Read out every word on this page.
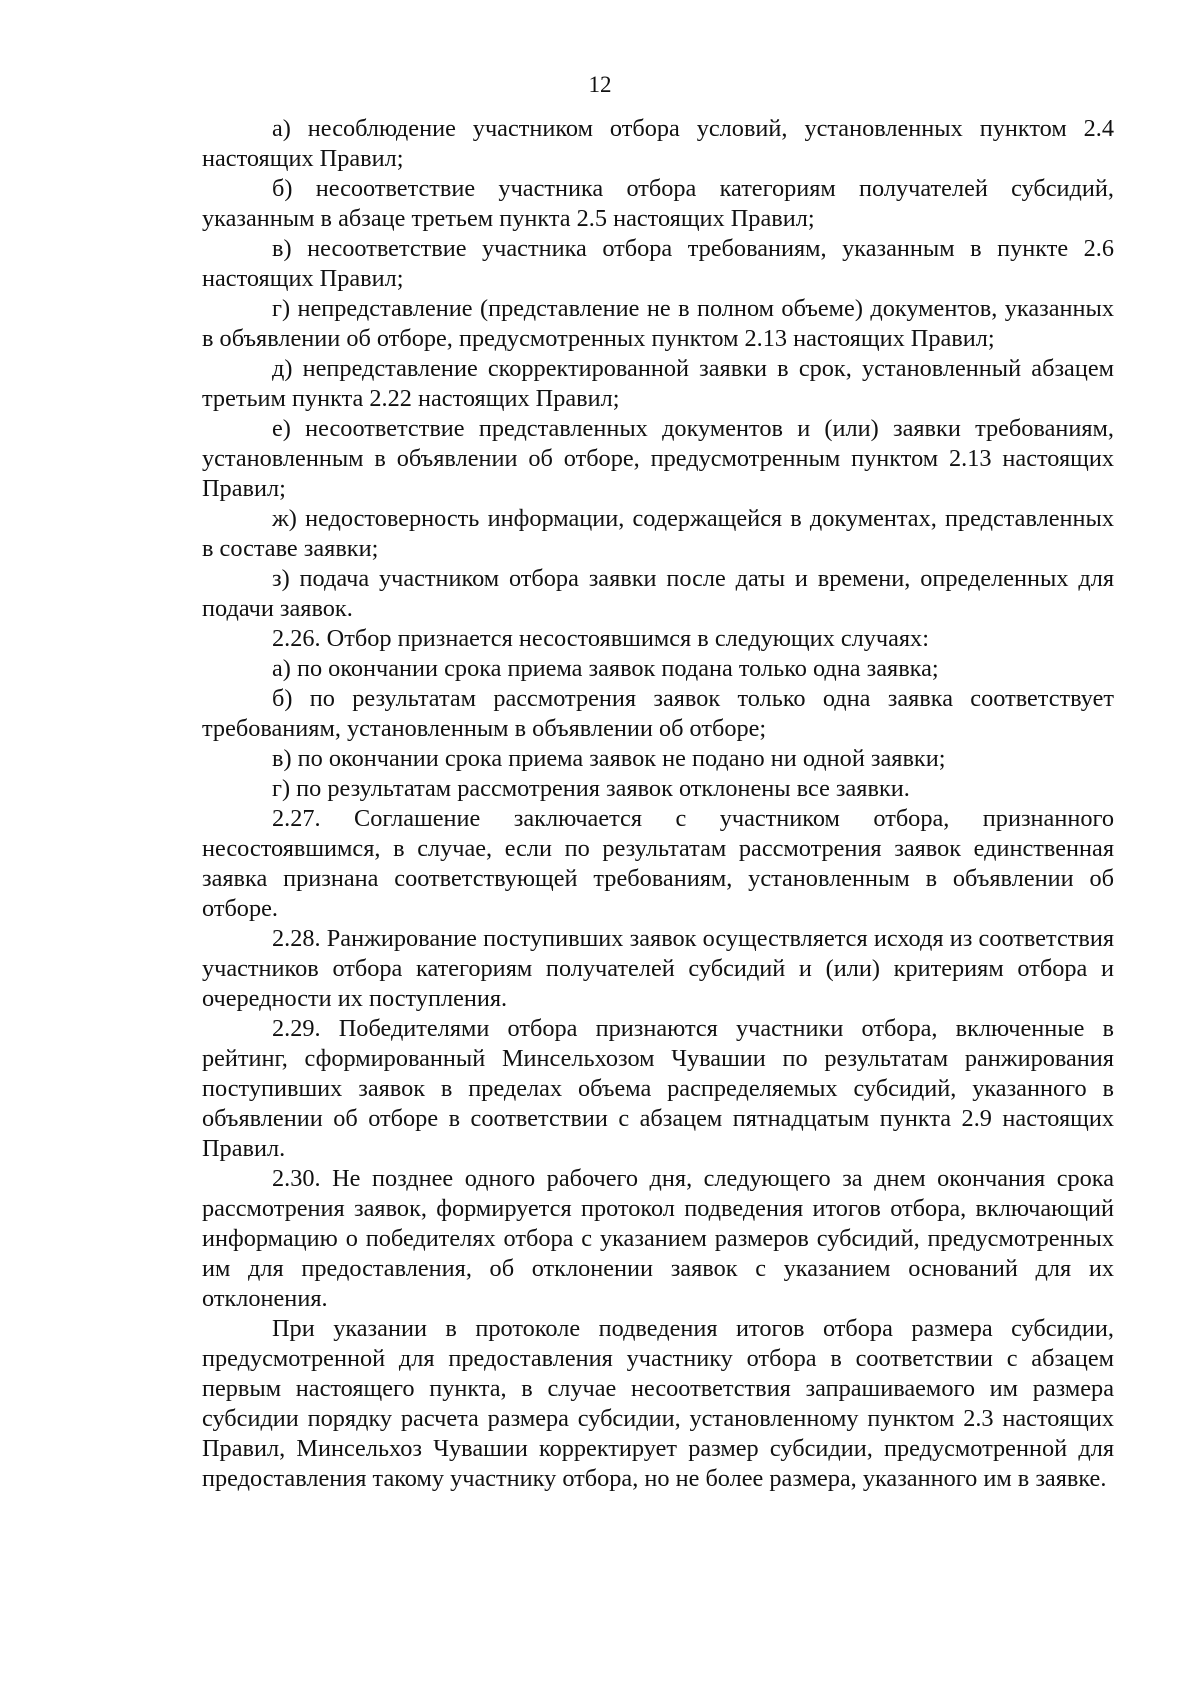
12

а) несоблюдение участником отбора условий, установленных пунктом 2.4 настоящих Правил;

б) несоответствие участника отбора категориям получателей субсидий, указанным в абзаце третьем пункта 2.5 настоящих Правил;

в) несоответствие участника отбора требованиям, указанным в пункте 2.6 настоящих Правил;

г) непредставление (представление не в полном объеме) документов, указанных в объявлении об отборе, предусмотренных пунктом 2.13 настоящих Правил;

д) непредставление скорректированной заявки в срок, установленный абзацем третьим пункта 2.22 настоящих Правил;

е) несоответствие представленных документов и (или) заявки требованиям, установленным в объявлении об отборе, предусмотренным пунктом 2.13 настоящих Правил;

ж) недостоверность информации, содержащейся в документах, представленных в составе заявки;

з) подача участником отбора заявки после даты и времени, определенных для подачи заявок.

2.26. Отбор признается несостоявшимся в следующих случаях:

а) по окончании срока приема заявок подана только одна заявка;

б) по результатам рассмотрения заявок только одна заявка соответствует требованиям, установленным в объявлении об отборе;

в) по окончании срока приема заявок не подано ни одной заявки;

г) по результатам рассмотрения заявок отклонены все заявки.

2.27. Соглашение заключается с участником отбора, признанного несостоявшимся, в случае, если по результатам рассмотрения заявок единственная заявка признана соответствующей требованиям, установленным в объявлении об отборе.

2.28. Ранжирование поступивших заявок осуществляется исходя из соответствия участников отбора категориям получателей субсидий и (или) критериям отбора и очередности их поступления.

2.29. Победителями отбора признаются участники отбора, включенные в рейтинг, сформированный Минсельхозом Чувашии по результатам ранжирования поступивших заявок в пределах объема распределяемых субсидий, указанного в объявлении об отборе в соответствии с абзацем пятнадцатым пункта 2.9 настоящих Правил.

2.30. Не позднее одного рабочего дня, следующего за днем окончания срока рассмотрения заявок, формируется протокол подведения итогов отбора, включающий информацию о победителях отбора с указанием размеров субсидий, предусмотренных им для предоставления, об отклонении заявок с указанием оснований для их отклонения.

При указании в протоколе подведения итогов отбора размера субсидии, предусмотренной для предоставления участнику отбора в соответствии с абзацем первым настоящего пункта, в случае несоответствия запрашиваемого им размера субсидии порядку расчета размера субсидии, установленному пунктом 2.3 настоящих Правил, Минсельхоз Чувашии корректирует размер субсидии, предусмотренной для предоставления такому участнику отбора, но не более размера, указанного им в заявке.
